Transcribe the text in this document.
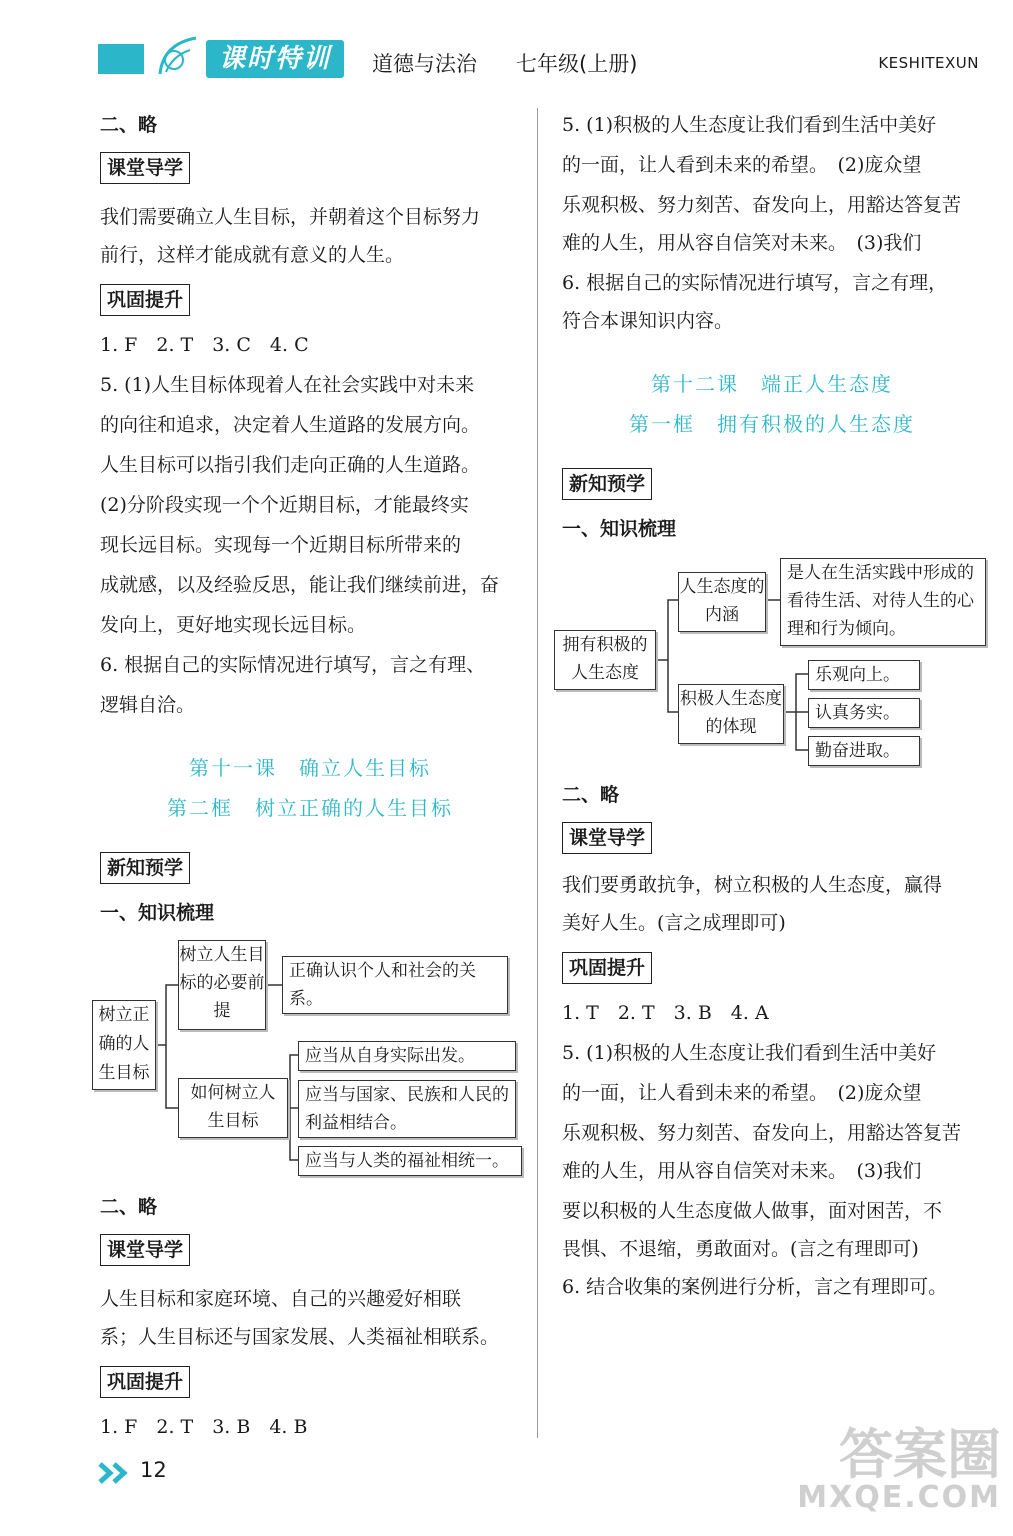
课时特训	道德与法治 七年级(上册)	KESHITEXUN
二、略
课堂导学
我们需要确立人生目标，并朝着这个目标努力
前行，这样才能成就有意义的人生。
巩固提升
1. F　2. T　3. C　4. C
5. (1)人生目标体现着人在社会实践中对未来
的向往和追求，决定着人生道路的发展方向。
人生目标可以指引我们走向正确的人生道路。
(2)分阶段实现一个个近期目标，才能最终实
现长远目标。实现每一个近期目标所带来的
成就感，以及经验反思，能让我们继续前进，奋
发向上，更好地实现长远目标。
6. 根据自己的实际情况进行填写，言之有理、
逻辑自洽。
第十一课　确立人生目标
第二框　树立正确的人生目标
新知预学
一、知识梳理
树立正确的人生目标
树立人生目标的必要前提
正确认识个人和社会的关系。
如何树立人生目标
应当从自身实际出发。
应当与国家、民族和人民的利益相结合。
应当与人类的福祉相统一。
二、略
课堂导学
人生目标和家庭环境、自己的兴趣爱好相联
系；人生目标还与国家发展、人类福祉相联系。
巩固提升
1. F　2. T　3. B　4. B
5. (1)积极的人生态度让我们看到生活中美好
的一面，让人看到未来的希望。　(2)庞众望
乐观积极、努力刻苦、奋发向上，用豁达答复苦
难的人生，用从容自信笑对未来。　(3)我们
6. 根据自己的实际情况进行填写，言之有理，
符合本课知识内容。
第十二课　端正人生态度
第一框　拥有积极的人生态度
新知预学
一、知识梳理
拥有积极的人生态度
人生态度的内涵
是人在生活实践中形成的看待生活、对待人生的心理和行为倾向。
积极人生态度的体现
乐观向上。
认真务实。
勤奋进取。
二、略
课堂导学
我们要勇敢抗争，树立积极的人生态度，赢得
美好人生。(言之成理即可)
巩固提升
1. T　2. T　3. B　4. A
5. (1)积极的人生态度让我们看到生活中美好
的一面，让人看到未来的希望。　(2)庞众望
乐观积极、努力刻苦、奋发向上，用豁达答复苦
难的人生，用从容自信笑对未来。　(3)我们
要以积极的人生态度做人做事，面对困苦，不
畏惧、不退缩，勇敢面对。(言之有理即可)
6. 结合收集的案例进行分析，言之有理即可。
12	答案圈
MXQE.COM
